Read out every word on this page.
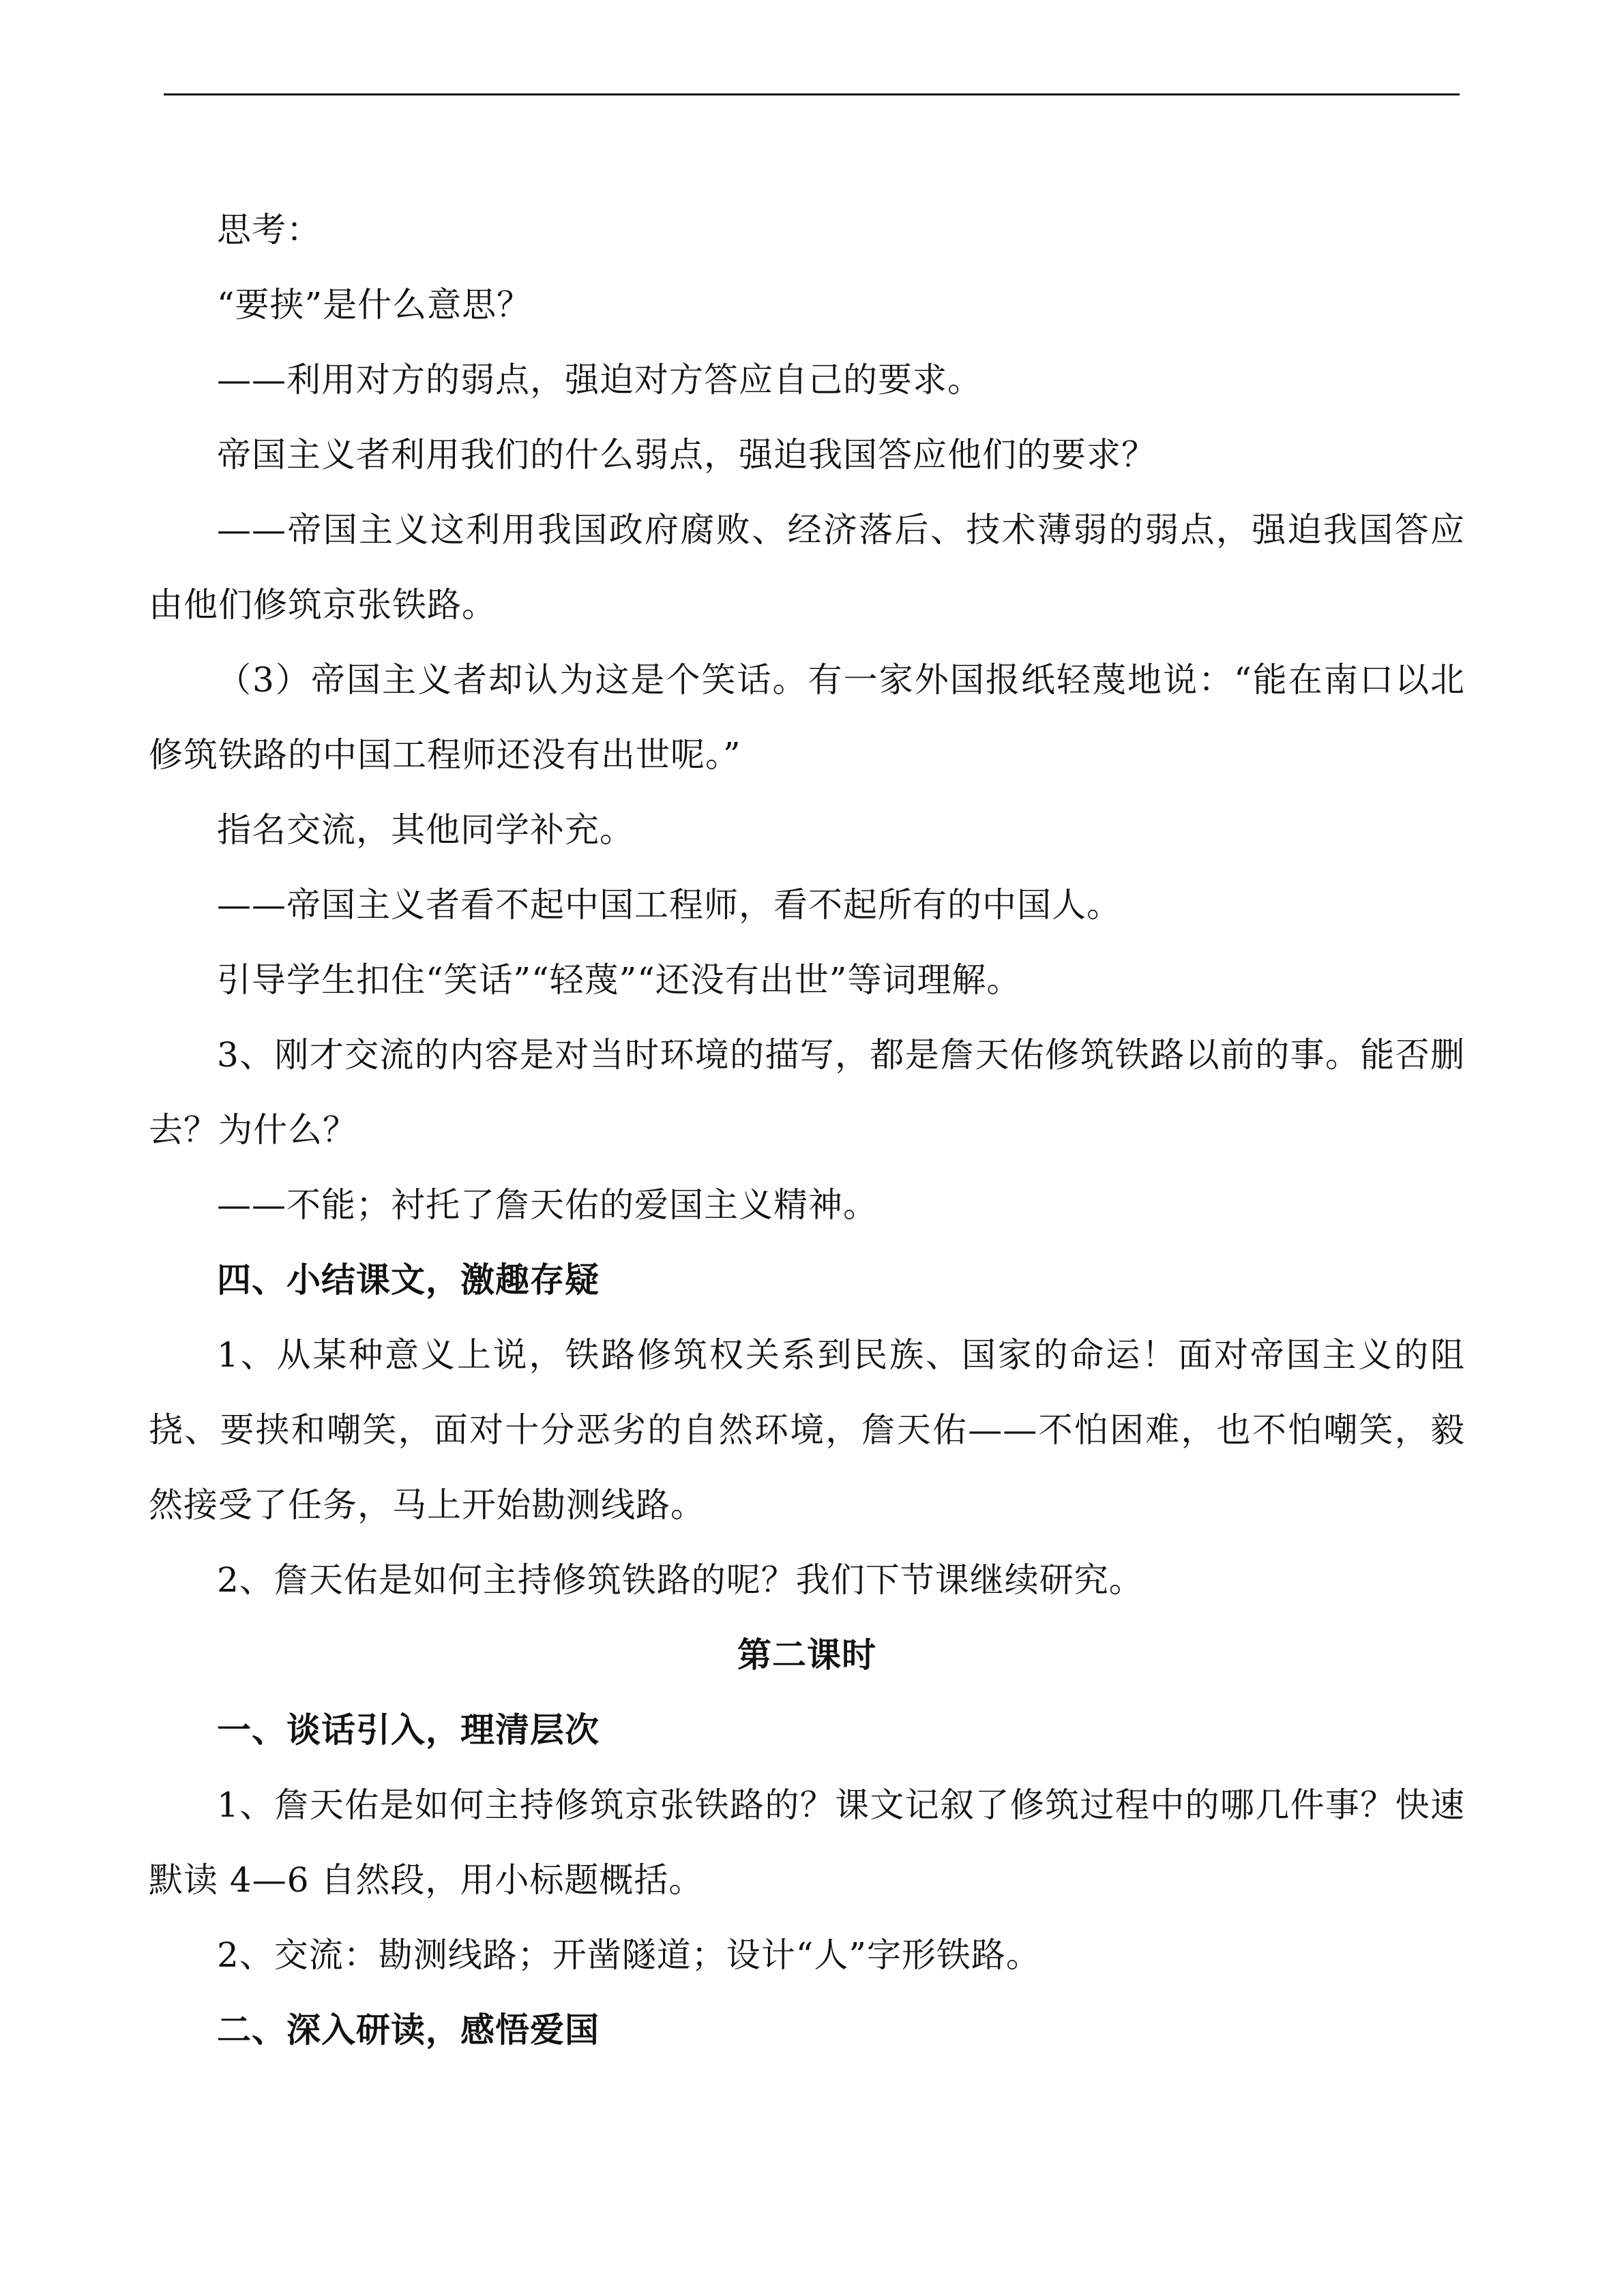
思考：

“要挟”是什么意思？

——利用对方的弱点，强迫对方答应自己的要求。

帝国主义者利用我们的什么弱点，强迫我国答应他们的要求？

——帝国主义这利用我国政府腐败、经济落后、技术薄弱的弱点，强迫我国答应由他们修筑京张铁路。

（3）帝国主义者却认为这是个笑话。有一家外国报纸轻蔑地说：“能在南口以北修筑铁路的中国工程师还没有出世呢。”

指名交流，其他同学补充。

——帝国主义者看不起中国工程师，看不起所有的中国人。

引导学生扣住“笑话”“轻蔑”“还没有出世”等词理解。

3、刚才交流的内容是对当时环境的描写，都是詹天佑修筑铁路以前的事。能否删去？为什么？

——不能；衬托了詹天佑的爱国主义精神。

四、小结课文，激趣存疑

1、从某种意义上说，铁路修筑权关系到民族、国家的命运！面对帝国主义的阻挠、要挟和嘲笑，面对十分恶劣的自然环境，詹天佑——不怕困难，也不怕嘲笑，毅然接受了任务，马上开始勘测线路。

2、詹天佑是如何主持修筑铁路的呢？我们下节课继续研究。

第二课时

一、谈话引入，理清层次

1、詹天佑是如何主持修筑京张铁路的？课文记叙了修筑过程中的哪几件事？快速默读 4—6 自然段，用小标题概括。

2、交流：勘测线路；开凿隧道；设计“人”字形铁路。

二、深入研读，感悟爱国
